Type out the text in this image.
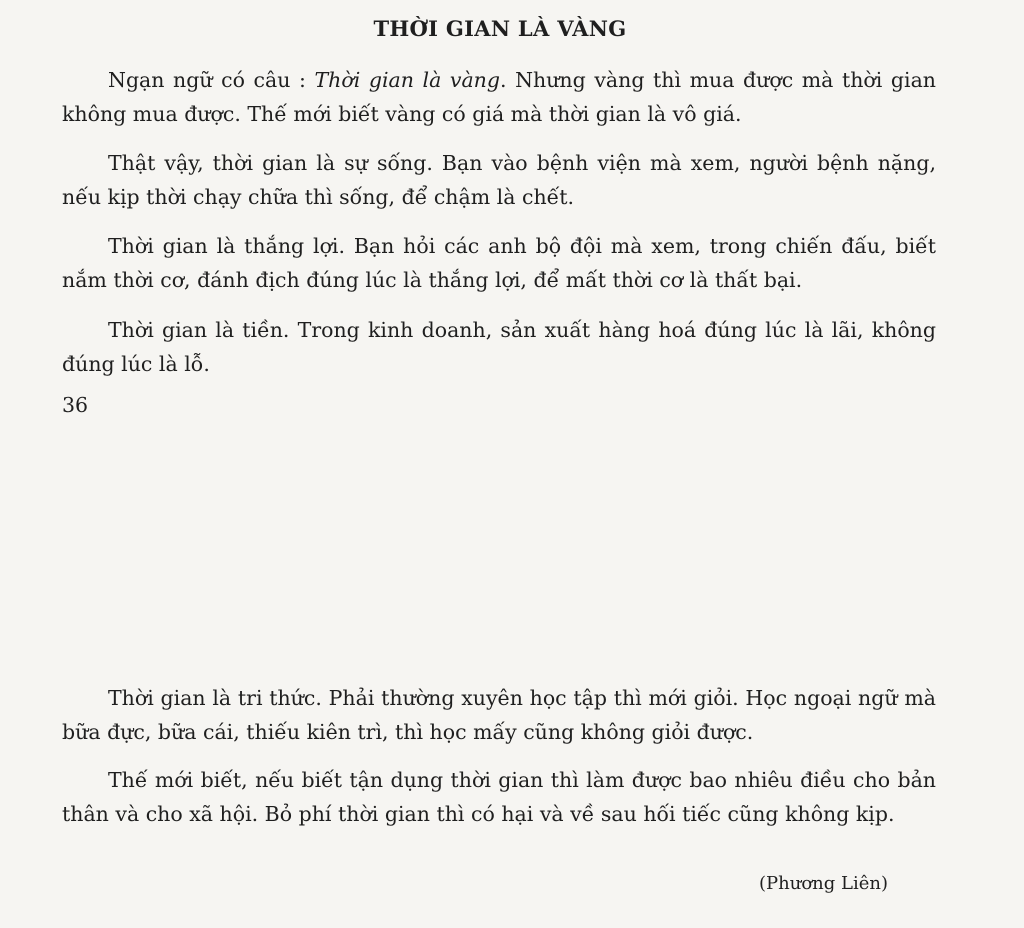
THỜI GIAN LÀ VÀNG

Ngạn ngữ có câu : Thời gian là vàng. Nhưng vàng thì mua được mà thời gian không mua được. Thế mới biết vàng có giá mà thời gian là vô giá.

Thật vậy, thời gian là sự sống. Bạn vào bệnh viện mà xem, người bệnh nặng, nếu kịp thời chạy chữa thì sống, để chậm là chết.

Thời gian là thắng lợi. Bạn hỏi các anh bộ đội mà xem, trong chiến đấu, biết nắm thời cơ, đánh địch đúng lúc là thắng lợi, để mất thời cơ là thất bại.

Thời gian là tiền. Trong kinh doanh, sản xuất hàng hoá đúng lúc là lãi, không đúng lúc là lỗ.

36

Thời gian là tri thức. Phải thường xuyên học tập thì mới giỏi. Học ngoại ngữ mà bữa đực, bữa cái, thiếu kiên trì, thì học mấy cũng không giỏi được.

Thế mới biết, nếu biết tận dụng thời gian thì làm được bao nhiêu điều cho bản thân và cho xã hội. Bỏ phí thời gian thì có hại và về sau hối tiếc cũng không kịp.

(Phương Liên)
